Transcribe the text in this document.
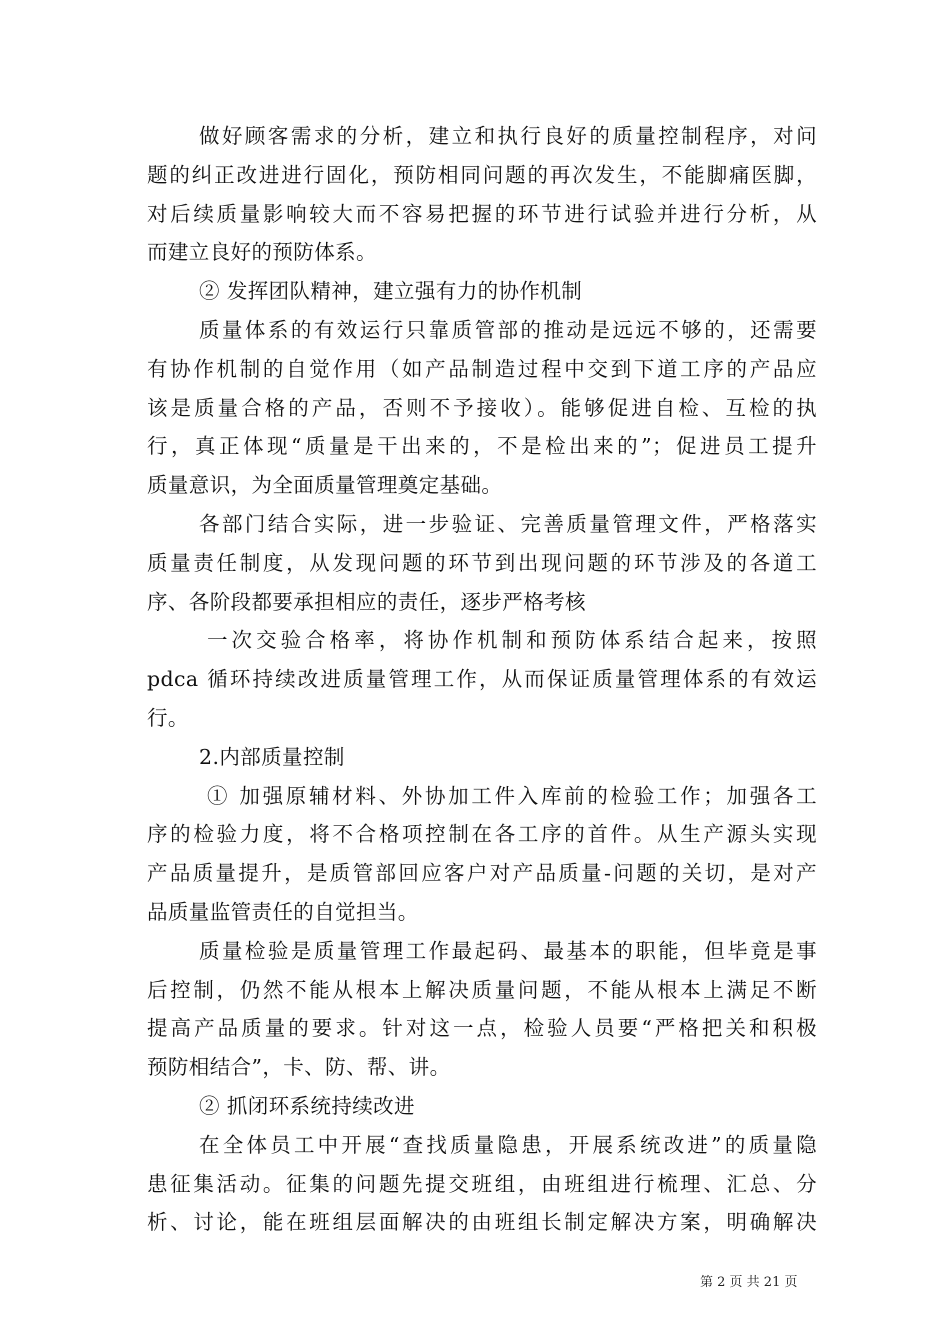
做好顾客需求的分析，建立和执行良好的质量控制程序，对问
题的纠正改进进行固化，预防相同问题的再次发生，不能脚痛医脚，
对后续质量影响较大而不容易把握的环节进行试验并进行分析，从
而建立良好的预防体系。
② 发挥团队精神，建立强有力的协作机制
质量体系的有效运行只靠质管部的推动是远远不够的，还需要
有协作机制的自觉作用（如产品制造过程中交到下道工序的产品应
该是质量合格的产品，否则不予接收）。能够促进自检、互检的执
行，真正体现“质量是干出来的，不是检出来的”；促进员工提升
质量意识，为全面质量管理奠定基础。
各部门结合实际，进一步验证、完善质量管理文件，严格落实
质量责任制度，从发现问题的环节到出现问题的环节涉及的各道工
序、各阶段都要承担相应的责任，逐步严格考核
一次交验合格率，将协作机制和预防体系结合起来，按照
pdca 循环持续改进质量管理工作，从而保证质量管理体系的有效运
行。
2.内部质量控制
① 加强原辅材料、外协加工件入库前的检验工作；加强各工
序的检验力度，将不合格项控制在各工序的首件。从生产源头实现
产品质量提升，是质管部回应客户对产品质量-问题的关切，是对产
品质量监管责任的自觉担当。
质量检验是质量管理工作最起码、最基本的职能，但毕竟是事
后控制，仍然不能从根本上解决质量问题，不能从根本上满足不断
提高产品质量的要求。针对这一点，检验人员要“严格把关和积极
预防相结合”，卡、防、帮、讲。
② 抓闭环系统持续改进
在全体员工中开展“查找质量隐患，开展系统改进”的质量隐
患征集活动。征集的问题先提交班组，由班组进行梳理、汇总、分
析、讨论，能在班组层面解决的由班组长制定解决方案，明确解决
第 2 页 共 21 页
